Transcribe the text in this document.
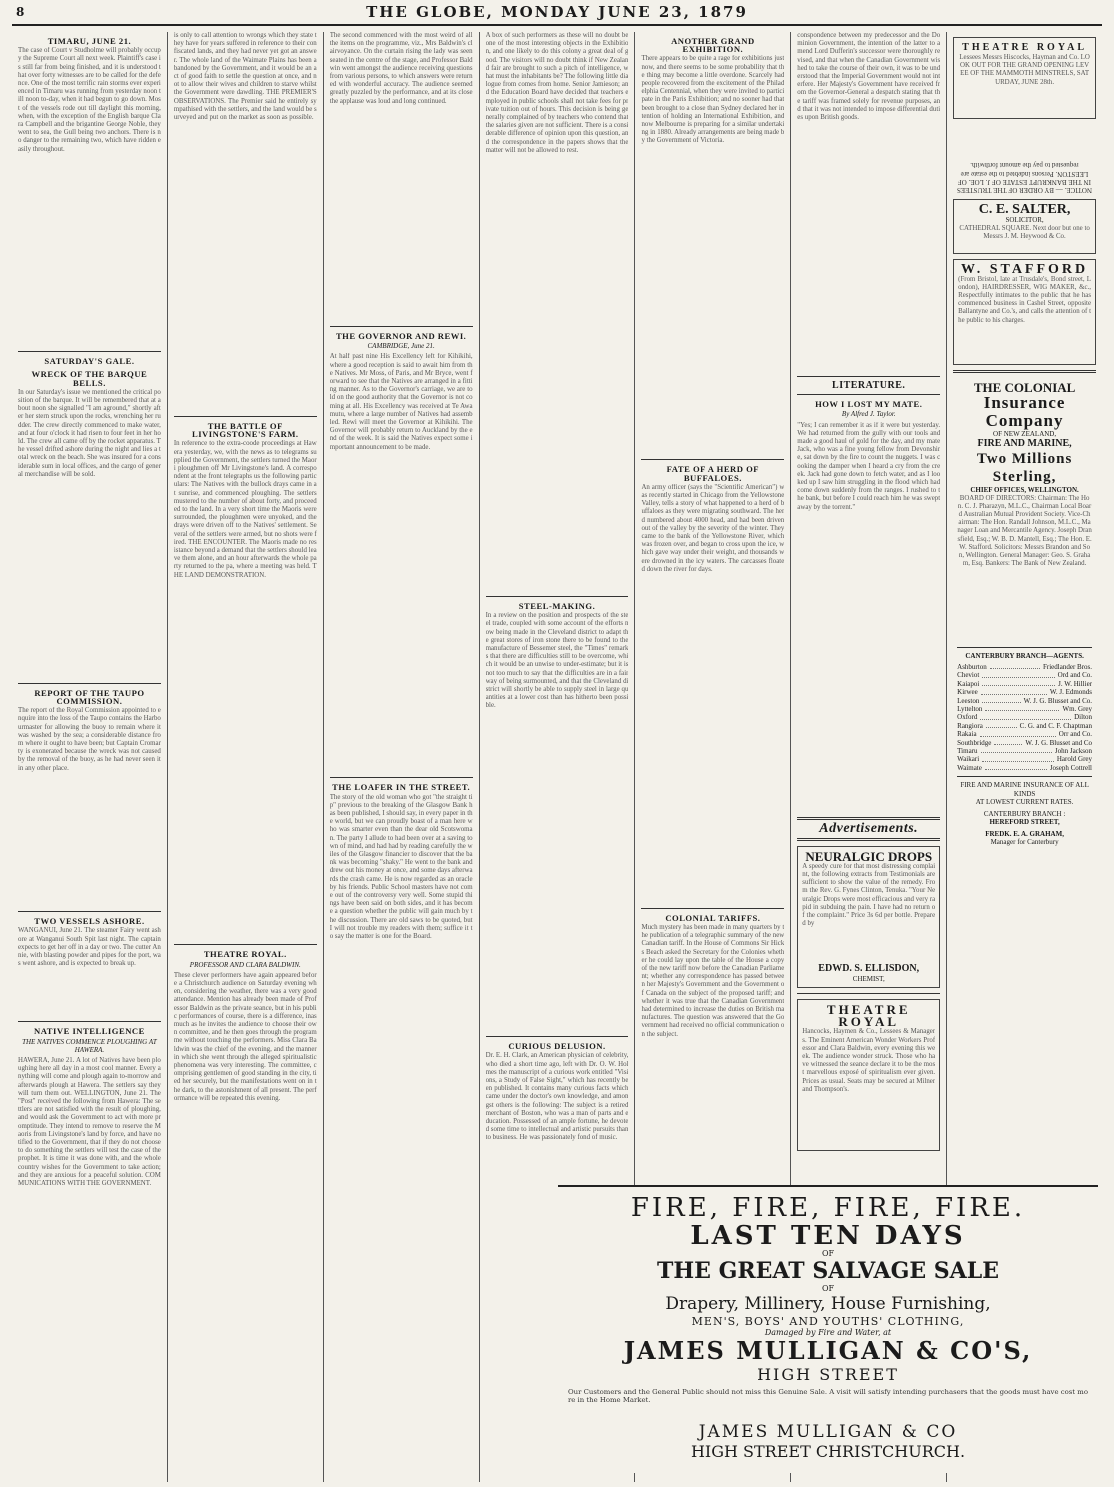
8	THE GLOBE, MONDAY JUNE 23, 1879
TIMARU, JUNE 21.
The case of Court v Studholme will probably occupy the Supreme Court all next week. Plaintiff's case is still far from being finished, and it is understood that over forty witnesses are to be called for the defence. One of the most terrific rain storms ever experienced in Timaru was running from yesterday noon till noon to-day, when it had begun to go down. Most of the vessels rode out till daylight this morning, when, with the exception of the English barque Clara Campbell and the brigantine George Noble, they went to sea, the Gull being two anchors. There is no danger to the remaining two, which have ridden easily throughout.
SATURDAY'S GALE.
WRECK OF THE BARQUE BELLS.
In our Saturday's issue we mentioned the critical position of the barque. It will be remembered that at about noon she signalled "I am aground," shortly after her stern struck upon the rocks, wrenching her rudder. The crew directly commenced to make water, and at four o'clock it had risen to four feet in her hold. The crew all came off by the rocket apparatus. The vessel drifted ashore during the night and lies a total wreck on the beach. She was insured for a considerable sum in local offices, and the cargo of general merchandise will be sold.
REPORT OF THE TAUPO COMMISSION.
The report of the Royal Commission appointed to enquire into the loss of the Taupo contains the Harbourmaster for allowing the buoy to remain where it was washed by the sea; a considerable distance from where it ought to have been; but Captain Cromarty is exonerated because the wreck was not caused by the removal of the buoy, as he had never seen it in any other place.
TWO VESSELS ASHORE.
WANGANUI, June 21. The steamer Fairy went ashore at Wanganui South Spit last night. The captain expects to get her off in a day or two. The cutter Annie, with blasting powder and pipes for the port, was went ashore, and is expected to break up.
NATIVE INTELLIGENCE
THE NATIVES COMMENCE PLOUGHING AT HAWERA.
HAWERA, June 21. A lot of Natives have been ploughing here all day in a most cool manner. Every anything will come and plough again to-morrow and afterwards plough at Hawera. The settlers say they will turn them out. WELLINGTON, June 21. The "Post" received the following from Hawera: The settlers are not satisfied with the result of ploughing, and would ask the Government to act with more promptitude. They intend to remove to reserve the Maoris from Livingstone's land by force, and have notified to the Government, that if they do not choose to do something the settlers will test the case of the prophet. It is time it was done with, and the whole country wishes for the Government to take action; and they are anxious for a peaceful solution. COMMUNICATIONS WITH THE GOVERNMENT.
is only to call attention to wrongs which they state they have for years suffered in reference to their confiscated lands, and they had never yet got an answer. The whole land of the Waimate Plains has been abandoned by the Government, and it would be an act of good faith to settle the question at once, and not to allow their wives and children to starve whilst the Government were dawdling. THE PREMIER'S OBSERVATIONS. The Premier said he entirely sympathised with the settlers, and the land would be surveyed and put on the market as soon as possible.
THE BATTLE OF LIVINGSTONE'S FARM.
In reference to the extra-coode proceedings at Hawera yesterday, we, with the news as to telegrams supplied the Government, the settlers turned the Maori ploughmen off Mr Livingstone's land. A correspondent at the front telegraphs us the following particulars: The Natives with the bullock drays came in at sunrise, and commenced ploughing. The settlers mustered to the number of about forty, and proceeded to the land. In a very short time the Maoris were surrounded, the ploughmen were unyoked, and the drays were driven off to the Natives' settlement. Several of the settlers were armed, but no shots were fired. THE ENCOUNTER. The Maoris made no resistance beyond a demand that the settlers should leave them alone, and an hour afterwards the whole party returned to the pa, where a meeting was held. THE LAND DEMONSTRATION.
THEATRE ROYAL.
PROFESSOR AND CLARA BALDWIN.
These clever performers have again appeared before a Christchurch audience on Saturday evening when, considering the weather, there was a very good attendance. Mention has already been made of Professor Baldwin as the private seance, but in his public performances of course, there is a difference, inasmuch as he invites the audience to choose their own committee, and he then goes through the programme without touching the performers. Miss Clara Baldwin was the chief of the evening, and the manner in which she went through the alleged spiritualistic phenomena was very interesting. The committee, comprising gentlemen of good standing in the city, tied her securely, but the manifestations went on in the dark, to the astonishment of all present. The performance will be repeated this evening.
The second commenced with the most weird of all the items on the programme, viz., Mrs Baldwin's clairvoyance. On the curtain rising the lady was seen seated in the centre of the stage, and Professor Baldwin went amongst the audience receiving questions from various persons, to which answers were returned with wonderful accuracy. The audience seemed greatly puzzled by the performance, and at its close the applause was loud and long continued.
THE GOVERNOR AND REWI.
CAMBRIDGE, June 21.
At half past nine His Excellency left for Kihikihi, where a good reception is said to await him from the Natives. Mr Moss, of Paris, and Mr Bryce, went forward to see that the Natives are arranged in a fitting manner. As to the Governor's carriage, we are told on the good authority that the Governor is not coming at all. His Excellency was received at Te Awamutu, where a large number of Natives had assembled. Rewi will meet the Governor at Kihikihi. The Governor will probably return to Auckland by the end of the week. It is said the Natives expect some important announcement to be made.
THE LOAFER IN THE STREET.
The story of the old woman who got "the straight tip" previous to the breaking of the Glasgow Bank has been published, I should say, in every paper in the world, but we can proudly boast of a man here who was smarter even than the dear old Scotswoman. The party I allude to had been over at a saving town of mind, and had had by reading carefully the wiles of the Glasgow financier to discover that the bank was becoming "shaky." He went to the bank and drew out his money at once, and some days afterwards the crash came. He is now regarded as an oracle by his friends. Public School masters have not come out of the controversy very well. Some stupid things have been said on both sides, and it has become a question whether the public will gain much by the discussion. There are old saws to be quoted, but I will not trouble my readers with them; suffice it to say the matter is one for the Board.
A box of such performers as these will no doubt be one of the most interesting objects in the Exhibition, and one likely to do this colony a great deal of good. The visitors will no doubt think if New Zealand fair are brought to such a pitch of intelligence, what must the inhabitants be? The following little dialogue from comes from home. Senior Jamieson; and the Education Board have decided that teachers employed in public schools shall not take fees for private tuition out of hours. This decision is being generally complained of by teachers who contend that the salaries given are not sufficient. There is a considerable difference of opinion upon this question, and the correspondence in the papers shows that the matter will not be allowed to rest.
STEEL-MAKING.
In a review on the position and prospects of the steel trade, coupled with some account of the efforts now being made in the Cleveland district to adapt the great stores of iron stone there to be found to the manufacture of Bessemer steel, the "Times" remarks that there are difficulties still to be overcome, which it would be an unwise to under-estimate; but it is not too much to say that the difficulties are in a fair way of being surmounted, and that the Cleveland district will shortly be able to supply steel in large quantities at a lower cost than has hitherto been possible.
CURIOUS DELUSION.
Dr. E. H. Clark, an American physician of celebrity, who died a short time ago, left with Dr. O. W. Holmes the manuscript of a curious work entitled "Visions, a Study of False Sight," which has recently been published. It contains many curious facts which came under the doctor's own knowledge, and amongst others is the following: The subject is a retired merchant of Boston, who was a man of parts and education. Possessed of an ample fortune, he devoted some time to intellectual and artistic pursuits than to business. He was passionately fond of music.
ANOTHER GRAND EXHIBITION.
There appears to be quite a rage for exhibitions just now, and there seems to be some probability that the thing may become a little overdone. Scarcely had people recovered from the excitement of the Philadelphia Centennial, when they were invited to participate in the Paris Exhibition; and no sooner had that been brought to a close than Sydney declared her intention of holding an International Exhibition, and now Melbourne is preparing for a similar undertaking in 1880. Already arrangements are being made by the Government of Victoria.
FATE OF A HERD OF BUFFALOES.
An army officer (says the "Scientific American") was recently started in Chicago from the Yellowstone Valley, tells a story of what happened to a herd of buffaloes as they were migrating southward. The herd numbered about 4000 head, and had been driven out of the valley by the severity of the winter. They came to the bank of the Yellowstone River, which was frozen over, and began to cross upon the ice, which gave way under their weight, and thousands were drowned in the icy waters. The carcasses floated down the river for days.
COLONIAL TARIFFS.
Much mystery has been made in many quarters by the publication of a telegraphic summary of the new Canadian tariff. In the House of Commons Sir Hicks Beach asked the Secretary for the Colonies whether he could lay upon the table of the House a copy of the new tariff now before the Canadian Parliament; whether any correspondence has passed between her Majesty's Government and the Government of Canada on the subject of the proposed tariff; and whether it was true that the Canadian Government had determined to increase the duties on British manufactures. The question was answered that the Government had received no official communication on the subject.
conspondence between my predecessor and the Dominion Government, the intention of the latter to amend Lord Dufferin's successor were thoroughly revised, and that when the Canadian Government wished to take the course of their own, it was to be understood that the Imperial Government would not interfere. Her Majesty's Government have received from the Governor-General a despatch stating that the tariff was framed solely for revenue purposes, and that it was not intended to impose differential duties upon British goods.
LITERATURE.
HOW I LOST MY MATE.
By Alfred J. Taylor.
"Yes; I can remember it as if it were but yesterday. We had returned from the gully with our tools and made a good haul of gold for the day, and my mate Jack, who was a fine young fellow from Devonshire, sat down by the fire to count the nuggets. I was cooking the damper when I heard a cry from the creek. Jack had gone down to fetch water, and as I looked up I saw him struggling in the flood which had come down suddenly from the ranges. I rushed to the bank, but before I could reach him he was swept away by the torrent."
Advertisements.
NEURALGIC DROPS
A speedy cure for that most distressing complaint, the following extracts from Testimonials are sufficient to show the value of the remedy. From the Rev. G. Fynes Clinton, Tenuka. "Your Neuralgic Drops were most efficacious and very rapid in subduing the pain. I have had no return of the complaint." Price 3s 6d per bottle. Prepared by
EDWD. S. ELLISDON,
CHEMIST,
THEATRE ROYAL
Hancocks, Haymen & Co., Lessees & Managers. The Eminent American Wonder Workers Professor and Clara Baldwin, every evening this week. The audience wonder struck. Those who have witnessed the seance declare it to be the most marvellous exposé of spiritualism ever given. Prices as usual. Seats may be secured at Milner and Thompson's.
THEATRE ROYAL
Lessees Messrs Hiscocks, Hayman and Co. LOOK OUT FOR THE GRAND OPENING LEVEE OF THE MAMMOTH MINSTRELS, SATURDAY, JUNE 28th.
NOTICE. — BY ORDER OF THE TRUSTEES IN THE BANKRUPT ESTATE OF J. LOE. OF LEESTON. Persons indebted to the estate are requested to pay the amount forthwith.
C. E. SALTER,
SOLICITOR,
CATHEDRAL SQUARE. Next door but one to Messrs J. M. Heywood & Co.
W. STAFFORD
(From Bristol, late at Trusdale's, Bond street, London), HAIRDRESSER, WIG MAKER, &c., Respectfully intimates to the public that he has commenced business in Cashel Street, opposite Ballantyne and Co.'s, and calls the attention of the public to his charges.
THE COLONIAL
Insurance Company
OF NEW ZEALAND,
FIRE AND MARINE,
Two Millions Sterling,
CHIEF OFFICES, WELLINGTON.
BOARD OF DIRECTORS: Chairman: The Hon. C. J. Pharazyn, M.L.C., Chairman Local Board Australian Mutual Provident Society. Vice-Chairman: The Hon. Randall Johnson, M.L.C., Manager Loan and Mercantile Agency. Joseph Dransfield, Esq.; W. B. D. Mantell, Esq.; The Hon. E. W. Stafford. Solicitors: Messrs Brandon and Son, Wellington. General Manager: Geo. S. Graham, Esq. Bankers: The Bank of New Zealand.
CANTERBURY BRANCH—AGENTS.
Ashburton	Friedlander Bros.
Cheviot	Ord and Co.
Kaiapoi	J. W. Hillier
Kirwee	W. J. Edmonds
Leeston	W. J. G. Blusset and Co.
Lyttelton	Wm. Grey
Oxford	Dilton
Rangiora	C. G. and C. F. Chaptman
Rakaia	Orr and Co.
Southbridge	W. J. G. Blusset and Co
Timaru	John Jackson
Waikari	Harold Grey
Waimate	Joseph Cottrell
FIRE AND MARINE INSURANCE OF ALL KINDS
AT LOWEST CURRENT RATES.
CANTERBURY BRANCH :
HEREFORD STREET,
FREDK. E. A. GRAHAM,
Manager for Canterbury
FIRE, FIRE, FIRE, FIRE.
LAST TEN DAYS
OF
THE GREAT SALVAGE SALE
OF
Drapery, Millinery, House Furnishing,
MEN'S, BOYS' AND YOUTHS' CLOTHING,
Damaged by Fire and Water, at
JAMES MULLIGAN & CO'S,
HIGH STREET
Our Customers and the General Public should not miss this Genuine Sale. A visit will satisfy intending purchasers that the goods must have cost more in the Home Market.
JAMES MULLIGAN & CO
HIGH STREET CHRISTCHURCH.
